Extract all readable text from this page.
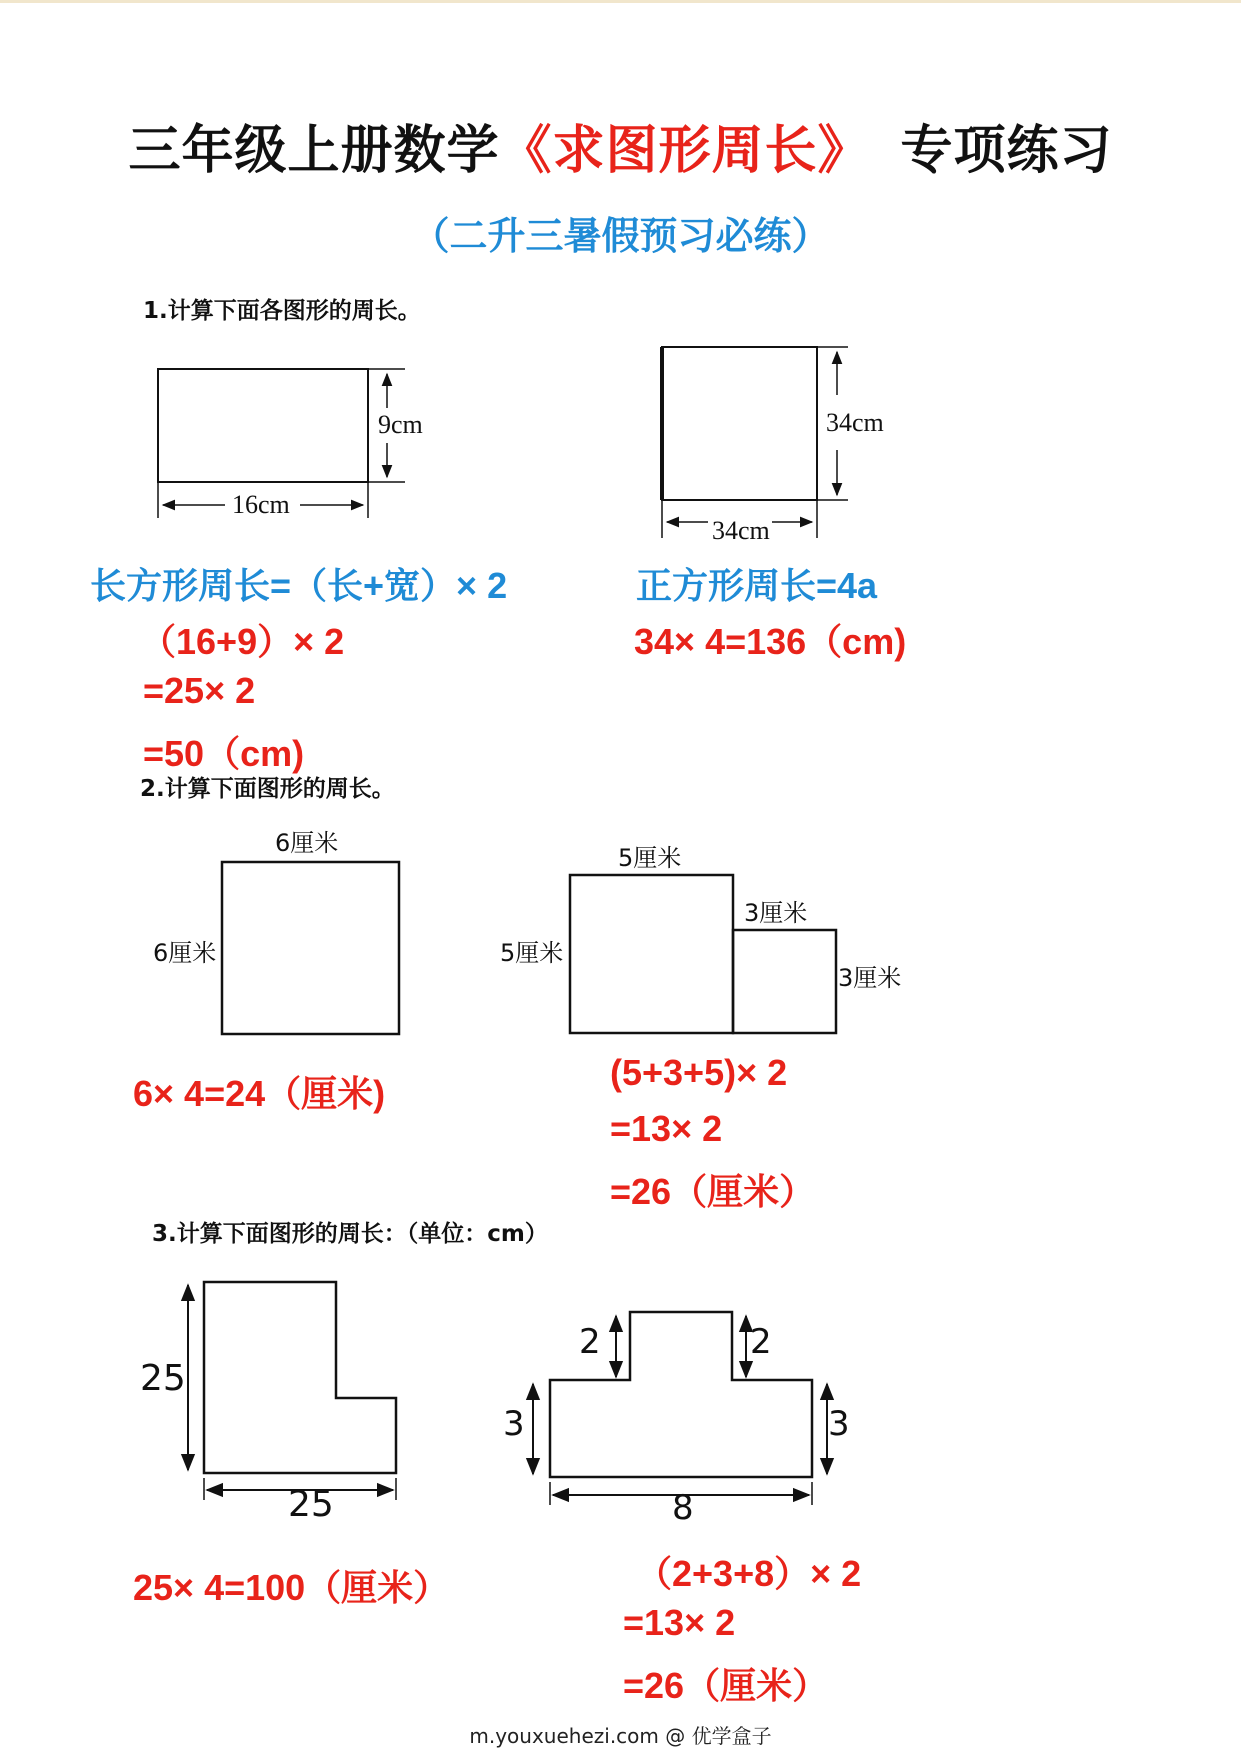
三年级上册数学《求图形周长》 专项练习
（二升三暑假预习必练）
1.计算下面各图形的周长。
9cm
16cm
34cm
34cm
长方形周长=（长+宽）× 2
（16+9）× 2
=25× 2
=50（cm)
正方形周长=4a
34× 4=136（cm)
2.计算下面图形的周长。
6厘米
6厘米
5厘米
5厘米
3厘米
3厘米
6× 4=24（厘米)
(5+3+5)× 2
=13× 2
=26（厘米）
3.计算下面图形的周长：（单位：cm）
25
25
2	2
3	3
8
25× 4=100（厘米）	（2+3+8）× 2
=13× 2
=26（厘米）
m.youxuehezi.com @ 优学盒子
